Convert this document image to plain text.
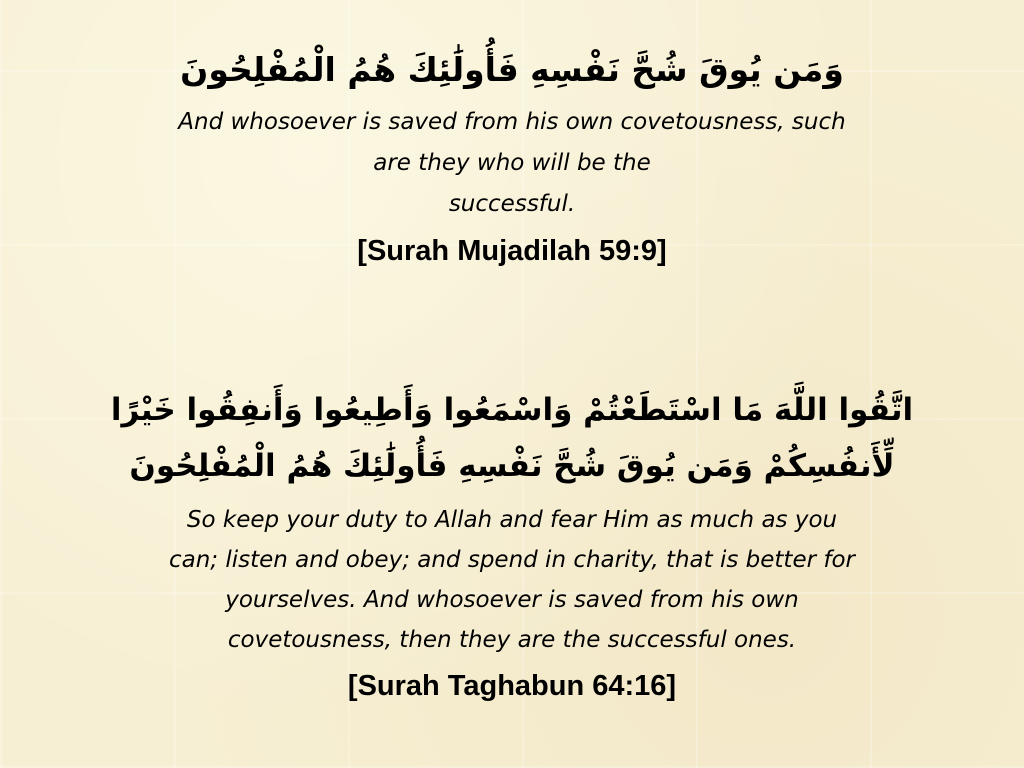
وَمَن يُوقَ شُحَّ نَفْسِهِ فَأُولَٰئِكَ هُمُ الْمُفْلِحُونَ

And whosoever is saved from his own covetousness, such
are they who will be the
successful.

[Surah Mujadilah 59:9]

اتَّقُوا اللَّهَ مَا اسْتَطَعْتُمْ وَاسْمَعُوا وَأَطِيعُوا وَأَنفِقُوا خَيْرًا
لِّأَنفُسِكُمْ وَمَن يُوقَ شُحَّ نَفْسِهِ فَأُولَٰئِكَ هُمُ الْمُفْلِحُونَ

So keep your duty to Allah and fear Him as much as you
can; listen and obey; and spend in charity, that is better for
yourselves. And whosoever is saved from his own
covetousness, then they are the successful ones.

[Surah Taghabun 64:16]
